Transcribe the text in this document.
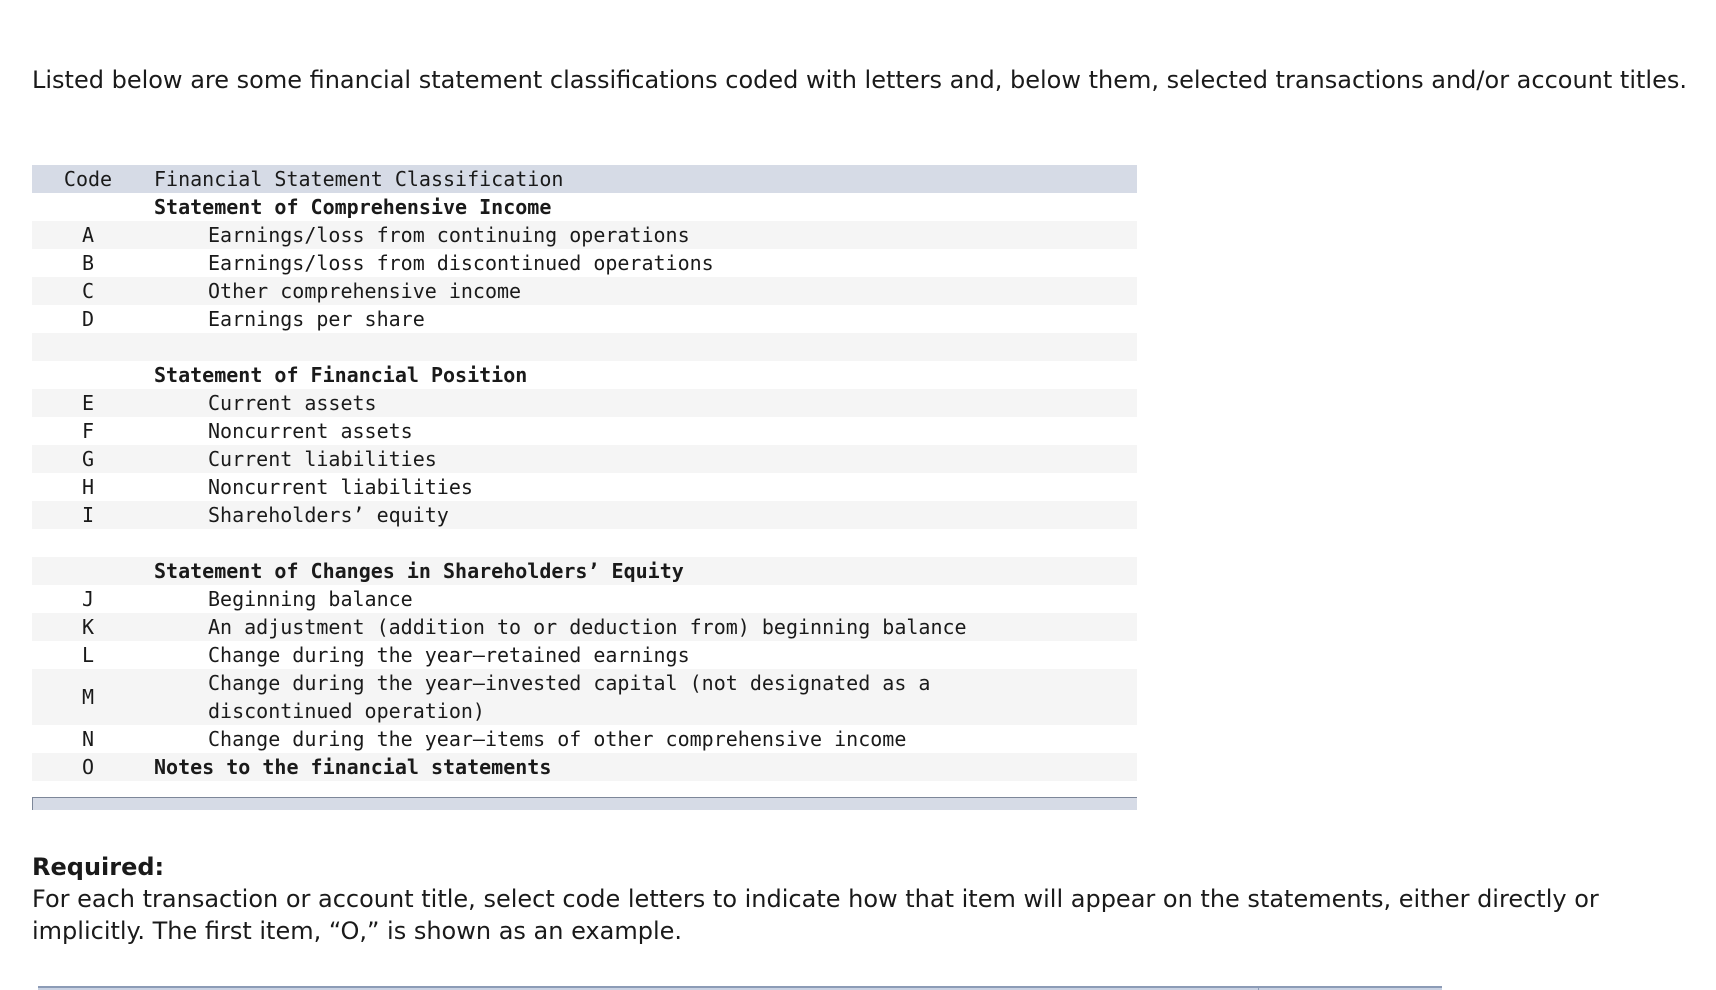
Listed below are some financial statement classifications coded with letters and, below them, selected transactions and/or account titles.

Code	Financial Statement Classification
	Statement of Comprehensive Income
A	Earnings/loss from continuing operations
B	Earnings/loss from discontinued operations
C	Other comprehensive income
D	Earnings per share

	Statement of Financial Position
E	Current assets
F	Noncurrent assets
G	Current liabilities
H	Noncurrent liabilities
I	Shareholders’ equity

	Statement of Changes in Shareholders’ Equity
J	Beginning balance
K	An adjustment (addition to or deduction from) beginning balance
L	Change during the year—retained earnings
M	Change during the year—invested capital (not designated as a discontinued operation)

N	Change during the year—items of other comprehensive income
O	Notes to the financial statements

Required:

For each transaction or account title, select code letters to indicate how that item will appear on the statements, either directly or implicitly. The first item, “O,” is shown as an example.
